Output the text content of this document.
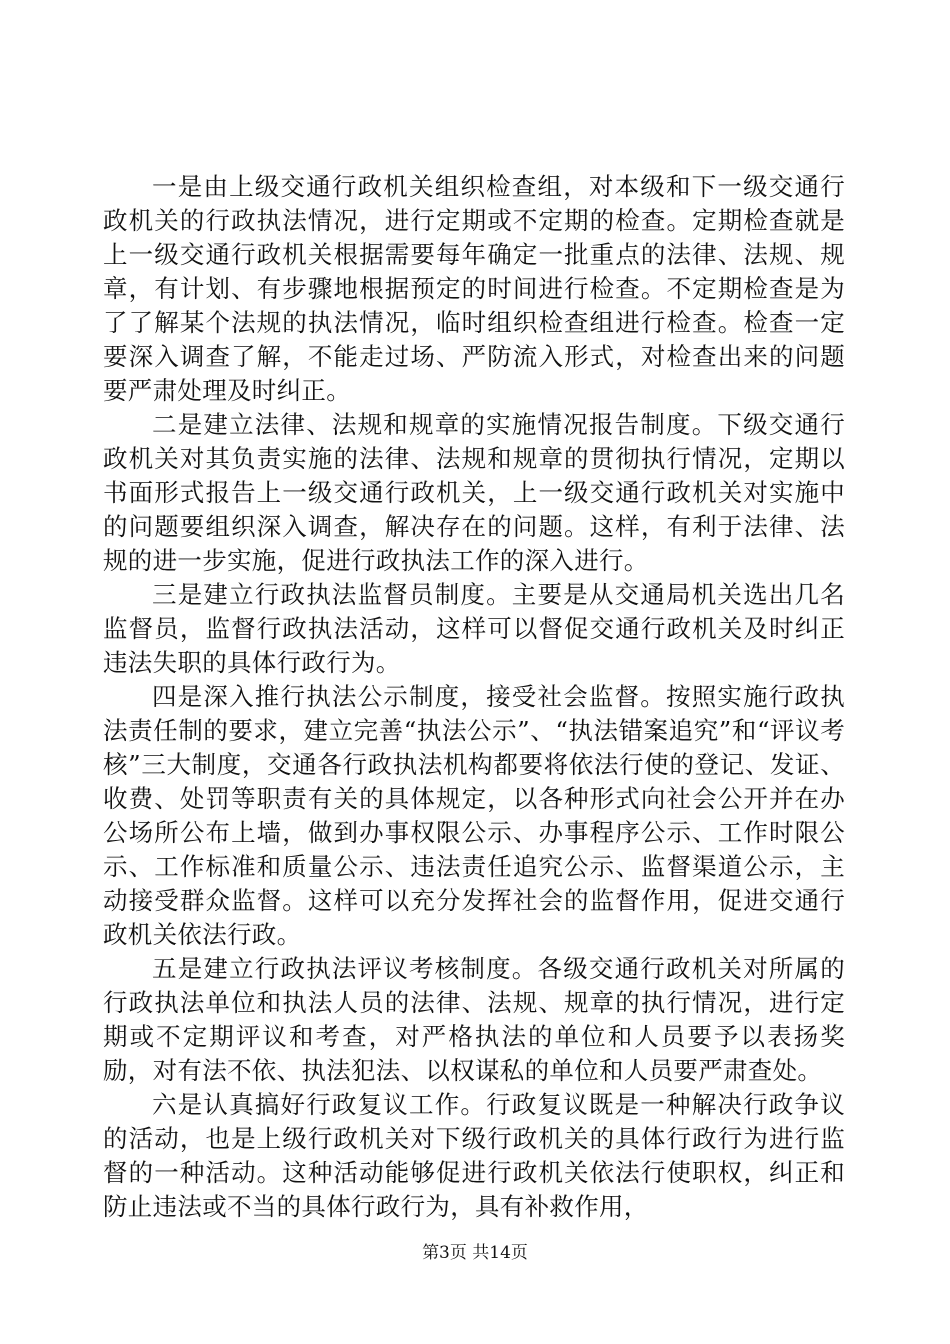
一是由上级交通行政机关组织检查组，对本级和下一级交通行政机关的行政执法情况，进行定期或不定期的检查。定期检查就是上一级交通行政机关根据需要每年确定一批重点的法律、法规、规章，有计划、有步骤地根据预定的时间进行检查。不定期检查是为了了解某个法规的执法情况，临时组织检查组进行检查。检查一定要深入调查了解，不能走过场、严防流入形式，对检查出来的问题要严肃处理及时纠正。

二是建立法律、法规和规章的实施情况报告制度。下级交通行政机关对其负责实施的法律、法规和规章的贯彻执行情况，定期以书面形式报告上一级交通行政机关，上一级交通行政机关对实施中的问题要组织深入调查，解决存在的问题。这样，有利于法律、法规的进一步实施，促进行政执法工作的深入进行。

三是建立行政执法监督员制度。主要是从交通局机关选出几名监督员，监督行政执法活动，这样可以督促交通行政机关及时纠正违法失职的具体行政行为。

四是深入推行执法公示制度，接受社会监督。按照实施行政执法责任制的要求，建立完善“执法公示”、“执法错案追究”和“评议考核”三大制度，交通各行政执法机构都要将依法行使的登记、发证、收费、处罚等职责有关的具体规定，以各种形式向社会公开并在办公场所公布上墙，做到办事权限公示、办事程序公示、工作时限公示、工作标准和质量公示、违法责任追究公示、监督渠道公示，主动接受群众监督。这样可以充分发挥社会的监督作用，促进交通行政机关依法行政。

五是建立行政执法评议考核制度。各级交通行政机关对所属的行政执法单位和执法人员的法律、法规、规章的执行情况，进行定期或不定期评议和考查，对严格执法的单位和人员要予以表扬奖励，对有法不依、执法犯法、以权谋私的单位和人员要严肃查处。

六是认真搞好行政复议工作。行政复议既是一种解决行政争议的活动，也是上级行政机关对下级行政机关的具体行政行为进行监督的一种活动。这种活动能够促进行政机关依法行使职权，纠正和防止违法或不当的具体行政行为，具有补救作用，

第3页 共14页
